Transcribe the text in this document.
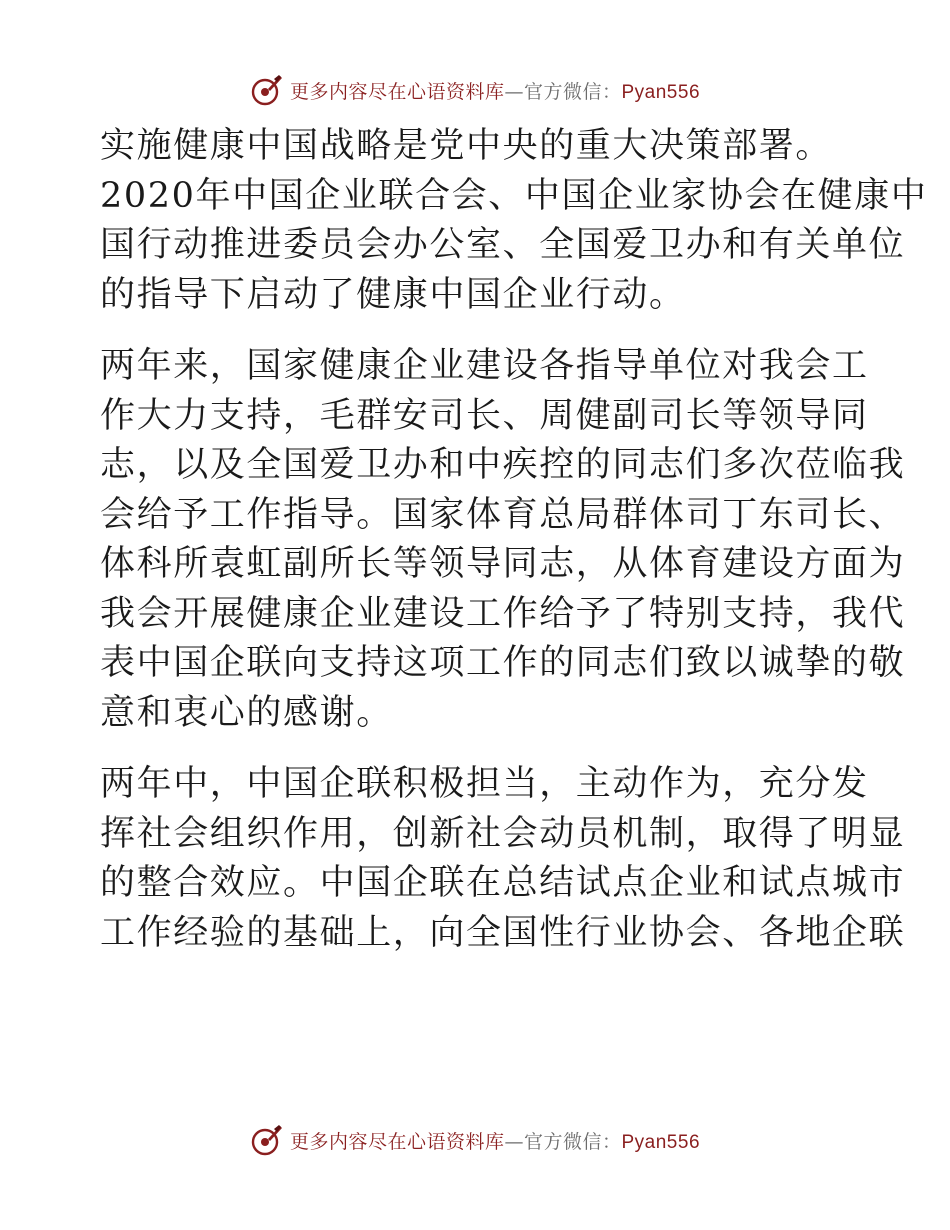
更多内容尽在心语资料库—官方微信：Pyan556
实施健康中国战略是党中央的重大决策部署。
2020年中国企业联合会、中国企业家协会在健康中
国行动推进委员会办公室、全国爱卫办和有关单位
的指导下启动了健康中国企业行动。
两年来，国家健康企业建设各指导单位对我会工
作大力支持，毛群安司长、周健副司长等领导同
志，以及全国爱卫办和中疾控的同志们多次莅临我
会给予工作指导。国家体育总局群体司丁东司长、
体科所袁虹副所长等领导同志，从体育建设方面为
我会开展健康企业建设工作给予了特别支持，我代
表中国企联向支持这项工作的同志们致以诚挚的敬
意和衷心的感谢。
两年中，中国企联积极担当，主动作为，充分发
挥社会组织作用，创新社会动员机制，取得了明显
的整合效应。中国企联在总结试点企业和试点城市
工作经验的基础上，向全国性行业协会、各地企联
更多内容尽在心语资料库—官方微信：Pyan556
